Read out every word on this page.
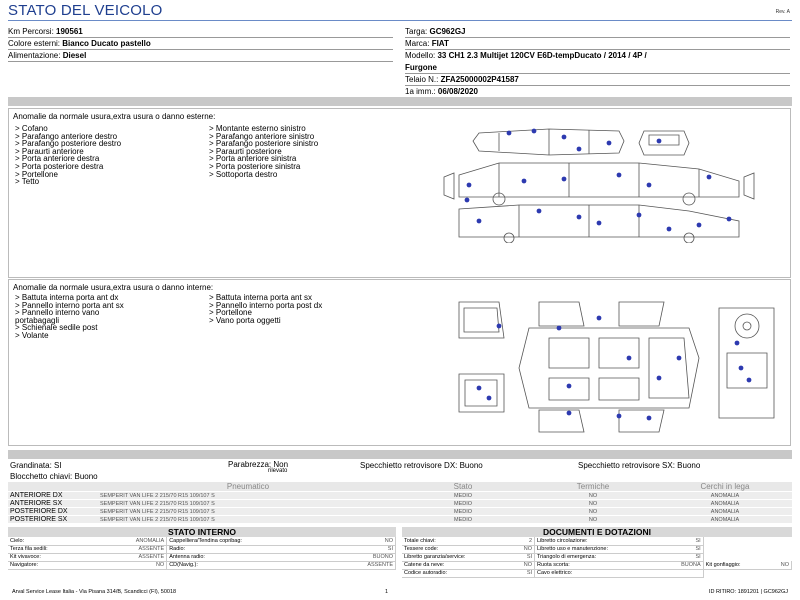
STATO DEL VEICOLO	Rev. A
Km Percorsi: 190561
Colore esterni: Bianco Ducato pastello
Alimentazione: Diesel
Targa: GC962GJ
Marca: FIAT
Modello: 33 CH1 2.3 Multijet 120CV E6D-tempDucato / 2014 / 4P /
Furgone
Telaio N.: ZFA25000002P41587
1a imm.: 06/08/2020
Anomalie da normale usura,extra usura o danno esterne:
> Cofano
> Parafango anteriore destro
> Parafango posteriore destro
> Paraurti anteriore
> Porta anteriore destra
> Porta posteriore destra
> Portellone
> Tetto
> Montante esterno sinistro
> Parafango anteriore sinistro
> Parafango posteriore sinistro
> Paraurti posteriore
> Porta anteriore sinistra
> Porta posteriore sinistra
> Sottoporta destro
Anomalie da normale usura,extra usura o danno interne:
> Battuta interna porta ant dx
> Pannello interno porta ant sx
> Pannello interno vano
portabagagli
> Schienale sedile post
> Volante
> Battuta interna porta ant sx
> Pannello interno porta post dx
> Portellone
> Vano porta oggetti
Grandinata: SI	Parabrezza: Non
rilevato
Specchietto retrovisore DX: Buono	Specchietto retrovisore SX: Buono
Blocchetto chiavi: Buono
	Pneumatico	Stato	Termiche	Cerchi in lega
ANTERIORE DX	SEMPERIT VAN LIFE 2 215/70 R15 109/107 S	MEDIO	NO	ANOMALIA
ANTERIORE SX	SEMPERIT VAN LIFE 2 215/70 R15 109/107 S	MEDIO	NO	ANOMALIA
POSTERIORE DX	SEMPERIT VAN LIFE 2 215/70 R15 109/107 S	MEDIO	NO	ANOMALIA
POSTERIORE SX	SEMPERIT VAN LIFE 2 215/70 R15 109/107 S	MEDIO	NO	ANOMALIA
STATO INTERNO
Cielo:	ANOMALIA	Cappelliera/Tendina copribag:	NO
Terza fila sedili:	ASSENTE	Radio:	SI
Kit vivavoce:	ASSENTE	Antenna radio:	BUONO
Navigatore:	NO	CD(Navig.):	ASSENTE
DOCUMENTI E DOTAZIONI
Totale chiavi:	2	Libretto circolazione:	SI		
Tessere code:	NO	Libretto uso e manutenzione:	SI		
Libretto garanzia/service:	SI	Triangolo di emergenza:	SI		
Catene da neve:	NO	Ruota scorta:	BUONA	Kit gonfiaggio:	NO
Codice autoradio:	SI	Cavo elettrico:			
Arval Service Lease Italia - Via Pisana 314/B, Scandicci (FI), 50018	1	ID RITIRO: 1891201 | GC962GJ
